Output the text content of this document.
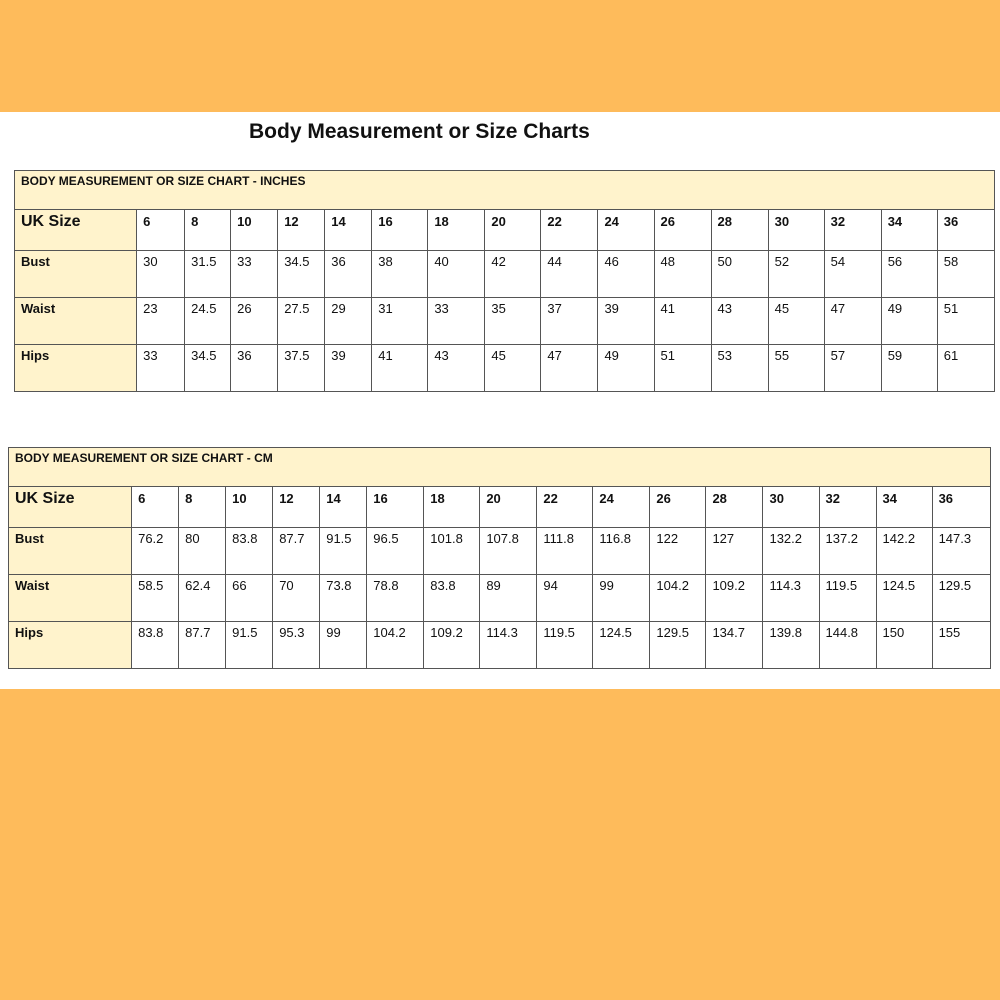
Body Measurement or Size Charts
BODY MEASUREMENT OR SIZE CHART - INCHES																
UK Size	6	8	10	12	14	16	18	20	22	24	26	28	30	32	34	36
Bust	30	31.5	33	34.5	36	38	40	42	44	46	48	50	52	54	56	58
Waist	23	24.5	26	27.5	29	31	33	35	37	39	41	43	45	47	49	51
Hips	33	34.5	36	37.5	39	41	43	45	47	49	51	53	55	57	59	61
BODY MEASUREMENT OR SIZE CHART - CM																
UK Size	6	8	10	12	14	16	18	20	22	24	26	28	30	32	34	36
Bust	76.2	80	83.8	87.7	91.5	96.5	101.8	107.8	111.8	116.8	122	127	132.2	137.2	142.2	147.3
Waist	58.5	62.4	66	70	73.8	78.8	83.8	89	94	99	104.2	109.2	114.3	119.5	124.5	129.5
Hips	83.8	87.7	91.5	95.3	99	104.2	109.2	114.3	119.5	124.5	129.5	134.7	139.8	144.8	150	155
